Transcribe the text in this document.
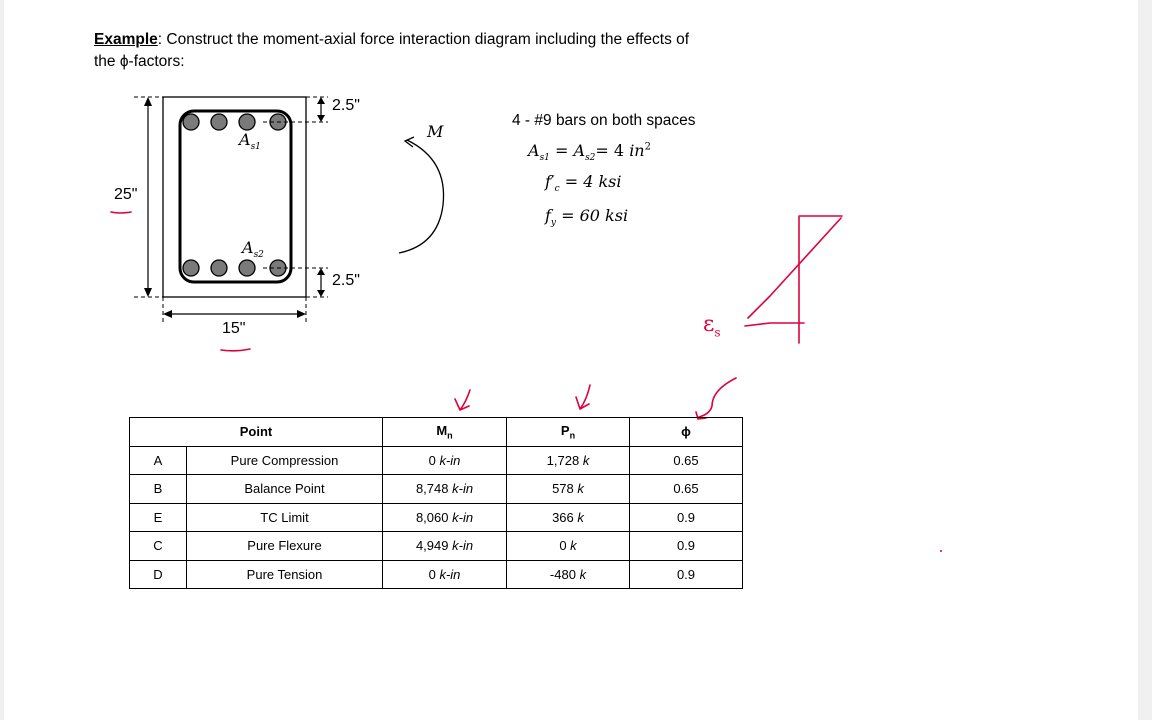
Example: Construct the moment-axial force interaction diagram including the effects of
the ϕ-factors:
25"
15"
2.5"
2.5"
$A_{s1}$
$A_{s2}$
M
4 - #9 bars on both spaces
$A_{s1} = A_{s2}= 4$ $in^2$
$f'_c = 4$ ksi
$f_y = 60$ ksi
$\varepsilon_s$
Point		$M_n$	$P_n$	ϕ
A	Pure Compression	0 k-in	1,728 k	0.65
B	Balance Point	8,748 k-in	578 k	0.65
E	TC Limit	8,060 k-in	366 k	0.9
C	Pure Flexure	4,949 k-in	0 k	0.9
D	Pure Tension	0 k-in	-480 k	0.9
